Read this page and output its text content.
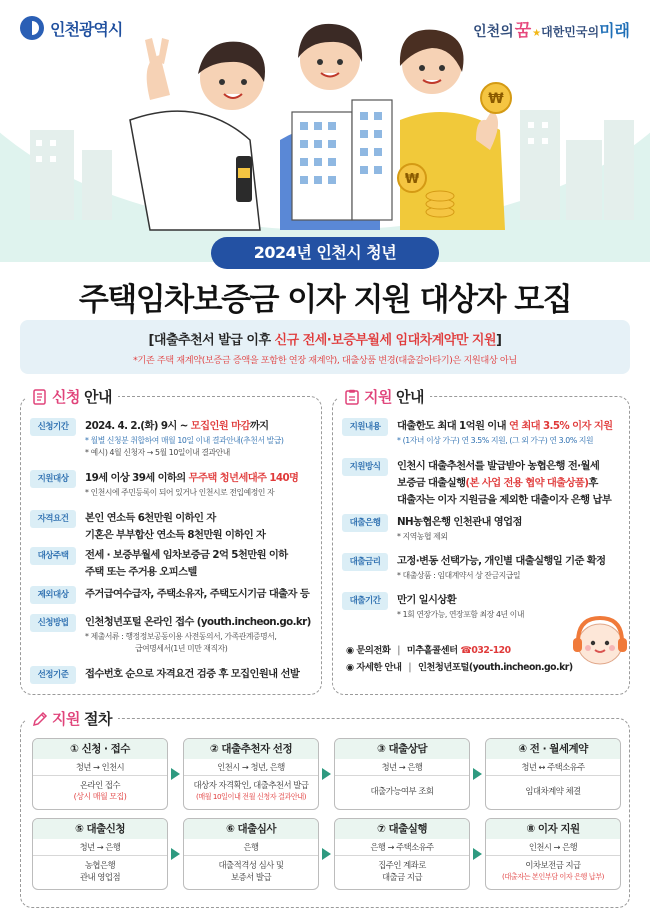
₩
₩
인천광역시	인천의 꿈 ★ 대한민국의 미래
2024년 인천시 청년
주택임차보증금 이자 지원 대상자 모집
[대출추천서 발급 이후 신규 전세·보증부월세 임대차계약만 지원]
*기존 주택 재계약(보증금 증액을 포함한 연장 재계약), 대출상품 변경(대출갈아타기)은 지원대상 아님
신청 안내
신청기간	2024. 4. 2.(화) 9시 ~ 모집인원 마감까지
* 월별 신청분 취합하여 매월 10일 이내 결과안내(추천서 발급)
* 예시) 4월 신청자 → 5월 10일이내 결과안내
지원대상	19세 이상 39세 이하의 무주택 청년세대주 140명
* 인천시에 주민등록이 되어 있거나 인천시로 전입예정인 자
자격요건	본인 연소득 6천만원 이하인 자
기혼은 부부합산 연소득 8천만원 이하인 자
대상주택	전세 · 보증부월세 임차보증금 2억 5천만원 이하
주택 또는 주거용 오피스텔
제외대상	주거급여수급자, 주택소유자, 주택도시기금 대출자 등
신청방법	인천청년포털 온라인 접수 (youth.incheon.go.kr)
* 제출서류 : 행정정보공동이용 사전동의서, 가족관계증명서,
급여명세서(1년 미만 재직자)
선정기준	접수번호 순으로 자격요건 검증 후 모집인원내 선발
지원 안내
지원내용	대출한도 최대 1억원 이내 연 최대 3.5% 이자 지원
* (1자녀 이상 가구) 연 3.5% 지원, (그 외 가구) 연 3.0% 지원
지원방식	인천시 대출추천서를 발급받아 농협은행 전·월세
보증금 대출실행(본 사업 전용 협약 대출상품)후
대출자는 이자 지원금을 제외한 대출이자 은행 납부
대출은행	NH농협은행 인천관내 영업점
* 지역농협 제외
대출금리	고정·변동 선택가능, 개인별 대출실행일 기준 확정
* 대출상품 : 임대계약서 상 잔금지급일
대출기간	만기 일시상환
* 1회 연장가능, 연장포함 최장 4년 이내
◉ 문의전화 | 미추홀콜센터 ☎032-120
◉ 자세한 안내 | 인천청년포털(youth.incheon.go.kr)
지원 절차
① 신청 · 접수
청년 → 인천시
온라인 접수
(상시 매월 모집)
② 대출추천자 선정
인천시 → 청년, 은행
대상자 자격확인, 대출추천서 발급
(매월 10일이내 전월 신청자 결과안내)
③ 대출상담
청년 → 은행
대출가능여부 조회
④ 전 · 월세계약
청년 ↔ 주택소유주
임대차계약 체결
⑤ 대출신청
청년 → 은행
농협은행
관내 영업점
⑥ 대출심사
은행
대출적격성 심사 및
보증서 발급
⑦ 대출실행
은행 → 주택소유주
집주인 계좌로
대출금 지급
⑧ 이자 지원
인천시 → 은행
이차보전금 지급
(대출자는 본인부담 이자 은행 납부)
